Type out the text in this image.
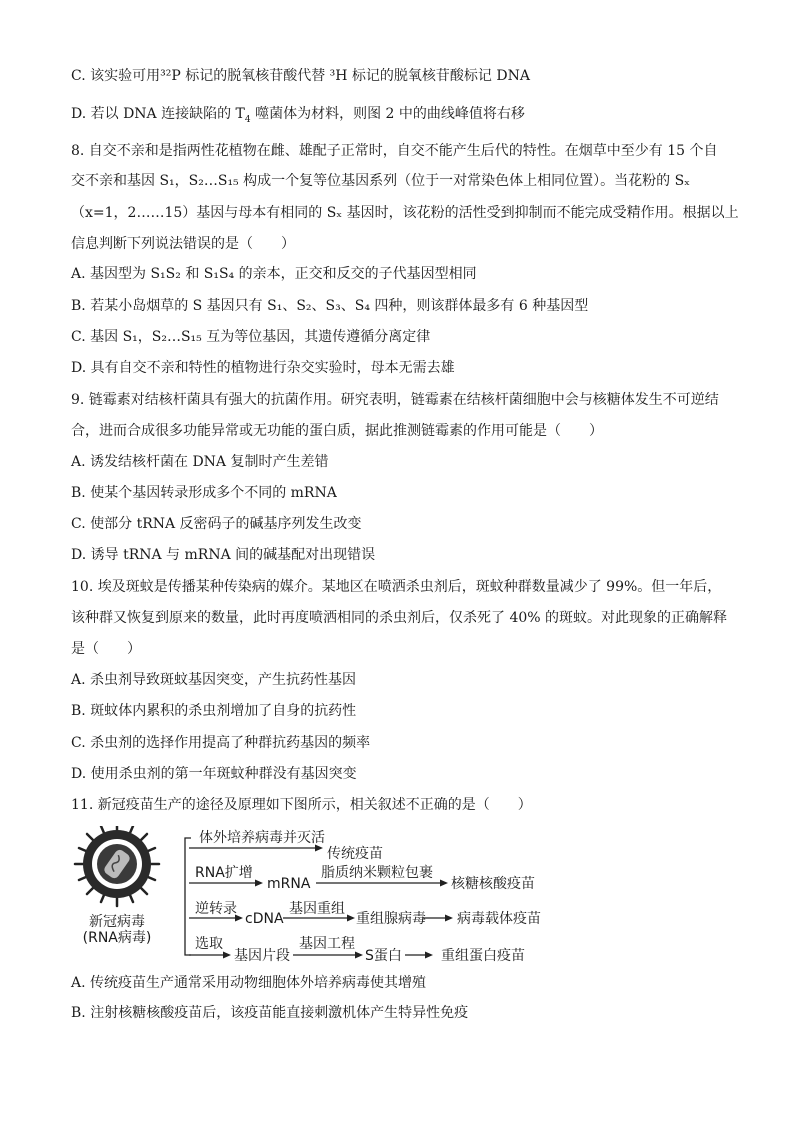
C. 该实验可用³²P 标记的脱氧核苷酸代替 ³H 标记的脱氧核苷酸标记 DNA
D. 若以 DNA 连接缺陷的 $T_4$ 噬菌体为材料，则图 2 中的曲线峰值将右移
8. 自交不亲和是指两性花植物在雌、雄配子正常时，自交不能产生后代的特性。在烟草中至少有 15 个自
交不亲和基因 S₁，S₂…S₁₅ 构成一个复等位基因系列（位于一对常染色体上相同位置）。当花粉的 Sₓ
（x=1，2……15）基因与母本有相同的 Sₓ 基因时，该花粉的活性受到抑制而不能完成受精作用。根据以上
信息判断下列说法错误的是（　　）
A. 基因型为 S₁S₂ 和 S₁S₄ 的亲本，正交和反交的子代基因型相同
B. 若某小岛烟草的 S 基因只有 S₁、S₂、S₃、S₄ 四种，则该群体最多有 6 种基因型
C. 基因 S₁，S₂…S₁₅ 互为等位基因，其遗传遵循分离定律
D. 具有自交不亲和特性的植物进行杂交实验时，母本无需去雄
9. 链霉素对结核杆菌具有强大的抗菌作用。研究表明，链霉素在结核杆菌细胞中会与核糖体发生不可逆结
合，进而合成很多功能异常或无功能的蛋白质，据此推测链霉素的作用可能是（　　）
A. 诱发结核杆菌在 DNA 复制时产生差错
B. 使某个基因转录形成多个不同的 mRNA
C. 使部分 tRNA 反密码子的碱基序列发生改变
D. 诱导 tRNA 与 mRNA 间的碱基配对出现错误
10. 埃及斑蚊是传播某种传染病的媒介。某地区在喷洒杀虫剂后，斑蚊种群数量减少了 99%。但一年后，
该种群又恢复到原来的数量，此时再度喷洒相同的杀虫剂后，仅杀死了 40% 的斑蚊。对此现象的正确解释
是（　　）
A. 杀虫剂导致斑蚊基因突变，产生抗药性基因
B. 斑蚊体内累积的杀虫剂增加了自身的抗药性
C. 杀虫剂的选择作用提高了种群抗药基因的频率
D. 使用杀虫剂的第一年斑蚊种群没有基因突变
11. 新冠疫苗生产的途径及原理如下图所示，相关叙述不正确的是（　　）
新冠病毒
(RNA病毒)
体外培养病毒并灭活
传统疫苗
RNA扩增
mRNA
脂质纳米颗粒包裹
核糖核酸疫苗
逆转录
cDNA
基因重组
重组腺病毒 病毒载体疫苗
选取
基因片段
基因工程
S蛋白	重组蛋白疫苗
A. 传统疫苗生产通常采用动物细胞体外培养病毒使其增殖
B. 注射核糖核酸疫苗后，该疫苗能直接刺激机体产生特异性免疫
